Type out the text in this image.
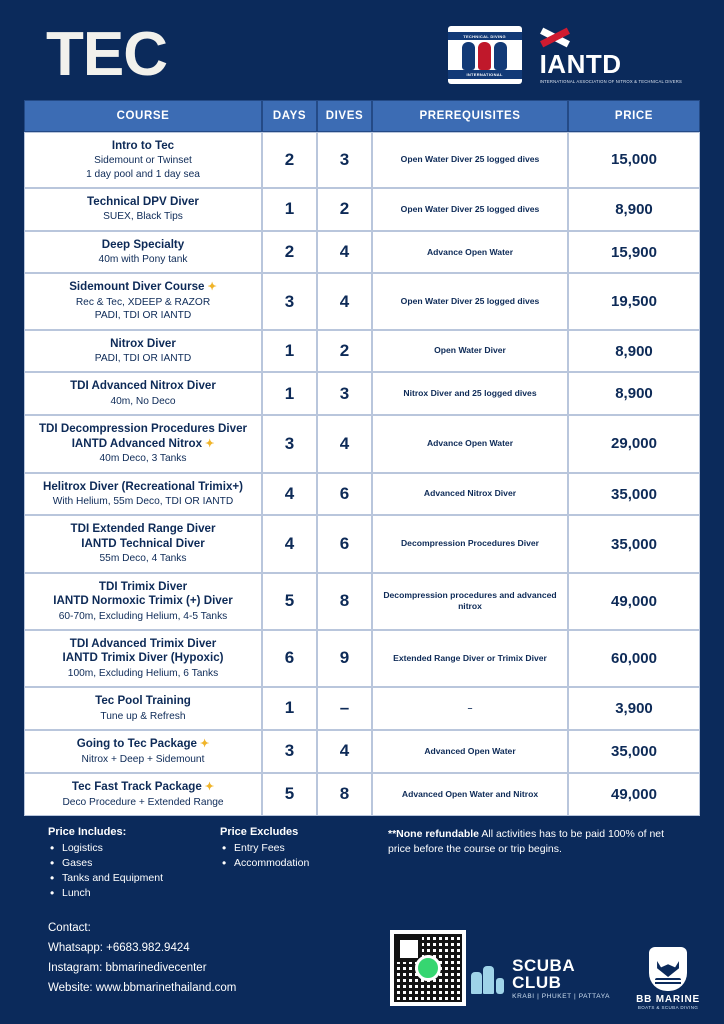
TEC	TECHNICAL DIVING
INTERNATIONAL	IANTD
INTERNATIONAL ASSOCIATION OF NITROX & TECHNICAL DIVERS
COURSE	DAYS	DIVES	PREREQUISITES	PRICE

Intro to Tec
Sidemount or Twinset
1 day pool and 1 day sea	2	3	Open Water Diver 25 logged dives	15,000

Technical DPV Diver
SUEX, Black Tips	1	2	Open Water Diver 25 logged dives	8,900

Deep Specialty
40m with Pony tank	2	4	Advance Open Water	15,900

Sidemount Diver Course ✦
Rec & Tec, XDEEP & RAZOR
PADI, TDI OR IANTD	3	4	Open Water Diver 25 logged dives	19,500

Nitrox Diver
PADI, TDI OR IANTD	1	2	Open Water Diver	8,900

TDI Advanced Nitrox Diver
40m, No Deco	1	3	Nitrox Diver and 25 logged dives	8,900

TDI Decompression Procedures Diver
IANTD Advanced Nitrox ✦
40m Deco, 3 Tanks	3	4	Advance Open Water	29,000

Helitrox Diver (Recreational Trimix+)
With Helium, 55m Deco, TDI OR IANTD	4	6	Advanced Nitrox Diver	35,000

TDI Extended Range Diver
IANTD Technical Diver
55m Deco, 4 Tanks	4	6	Decompression Procedures Diver	35,000

TDI Trimix Diver
IANTD Normoxic Trimix (+) Diver
60-70m, Excluding Helium, 4-5 Tanks	5	8	Decompression procedures and advanced nitrox	49,000

TDI Advanced Trimix Diver
IANTD Trimix Diver (Hypoxic)
100m, Excluding Helium, 6 Tanks	6	9	Extended Range Diver or Trimix Diver	60,000

Tec Pool Training
Tune up & Refresh	1	–	–	3,900

Going to Tec Package ✦
Nitrox + Deep + Sidemount	3	4	Advanced Open Water	35,000

Tec Fast Track Package ✦
Deco Procedure + Extended Range	5	8	Advanced Open Water and Nitrox	49,000
Price Includes:
• Logistics
• Gases
• Tanks and Equipment
• Lunch
Price Excludes
• Entry Fees
• Accommodation
**None refundable All activities has to be paid 100% of net price before the course or trip begins.
Contact:
Whatsapp: +6683.982.9424
Instagram: bbmarinedivecenter
Website: www.bbmarinethailand.com
SCUBA
CLUB
KRABI | PHUKET | PATTAYA	BB MARINE
BOATS & SCUBA DIVING
